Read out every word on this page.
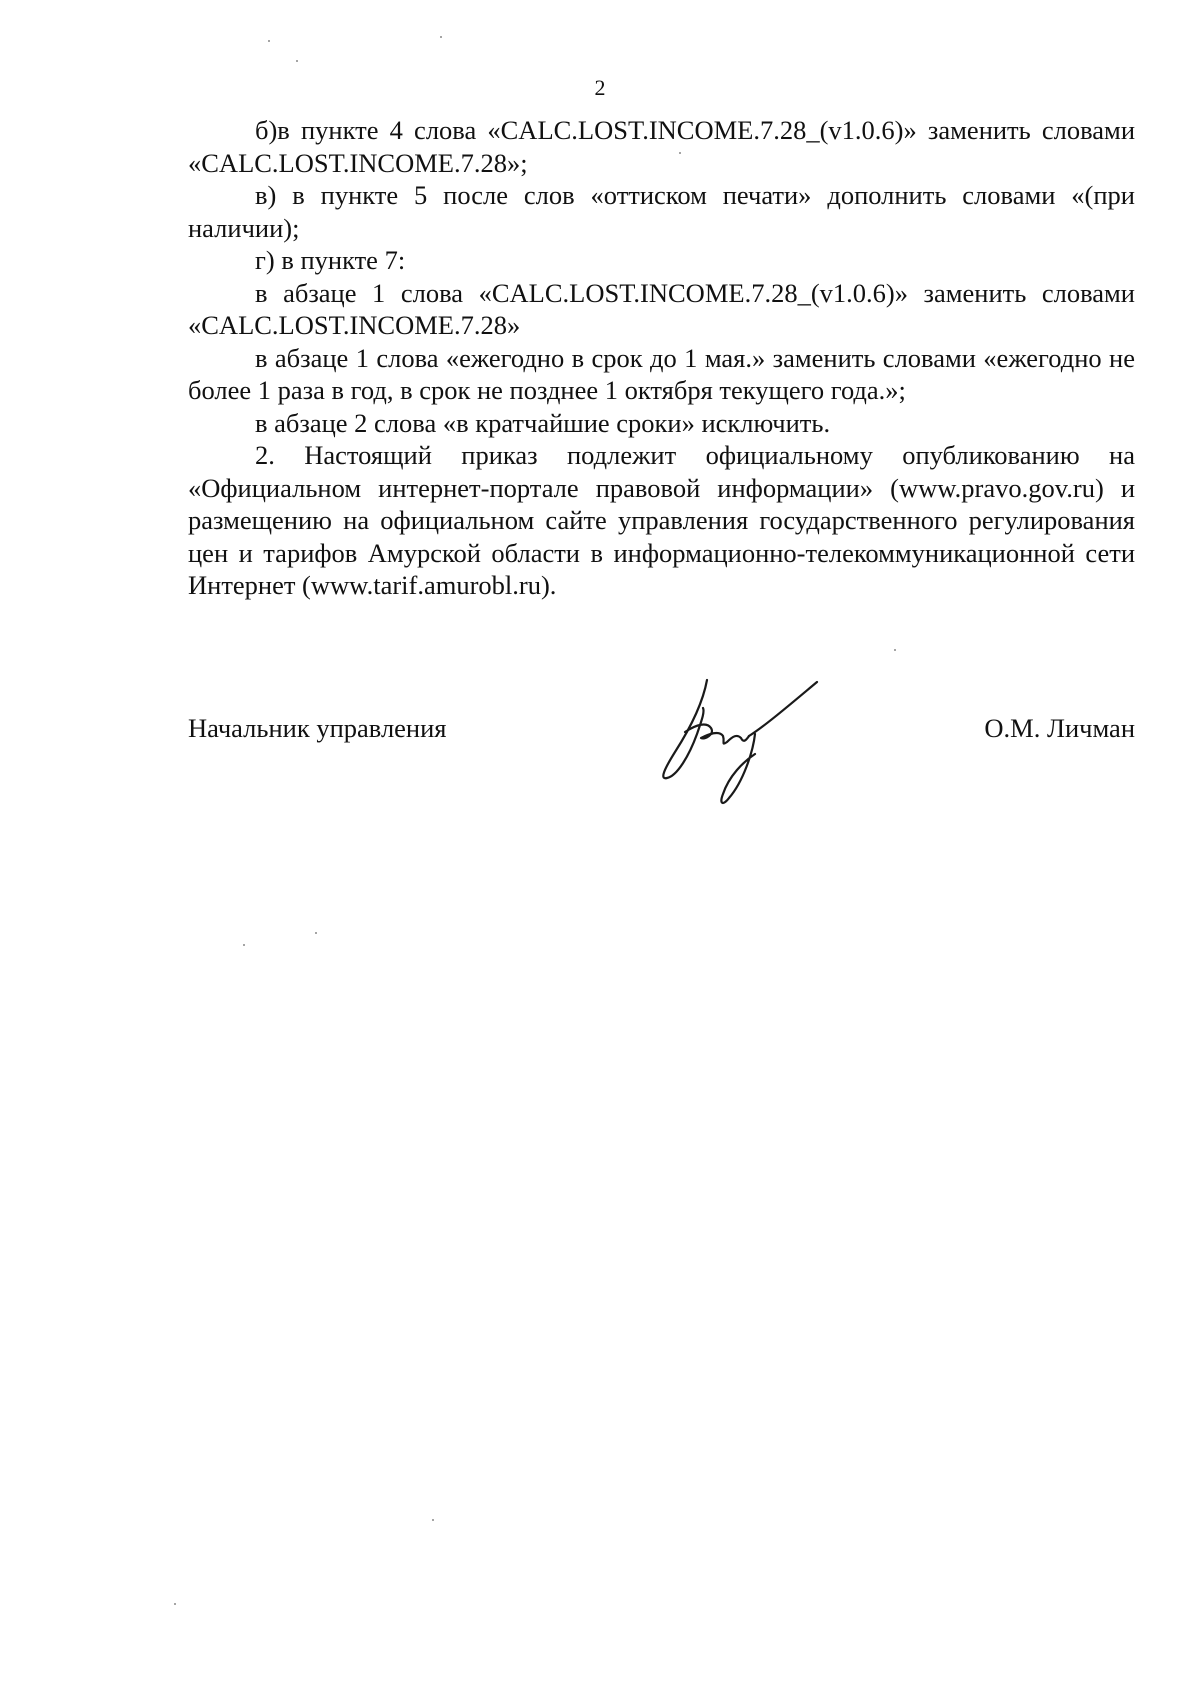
2

б)в пункте 4 слова «CALC.LOST.INCOME.7.28_(v1.0.6)» заменить словами «CALC.LOST.INCOME.7.28»;

в) в пункте 5 после слов «оттиском печати» дополнить словами «(при наличии);

г) в пункте 7:

в абзаце 1 слова «CALC.LOST.INCOME.7.28_(v1.0.6)» заменить словами «CALC.LOST.INCOME.7.28»

в абзаце 1 слова «ежегодно в срок до 1 мая.» заменить словами «ежегодно не более 1 раза в год, в срок не позднее 1 октября текущего года.»;

в абзаце 2 слова «в кратчайшие сроки» исключить.

2. Настоящий приказ подлежит официальному опубликованию на «Официальном интернет-портале правовой информации» (www.pravo.gov.ru) и размещению на официальном сайте управления государственного регулирования цен и тарифов Амурской области в информационно-телекоммуникационной сети Интернет (www.tarif.amurobl.ru).

Начальник управления	О.М. Личман
